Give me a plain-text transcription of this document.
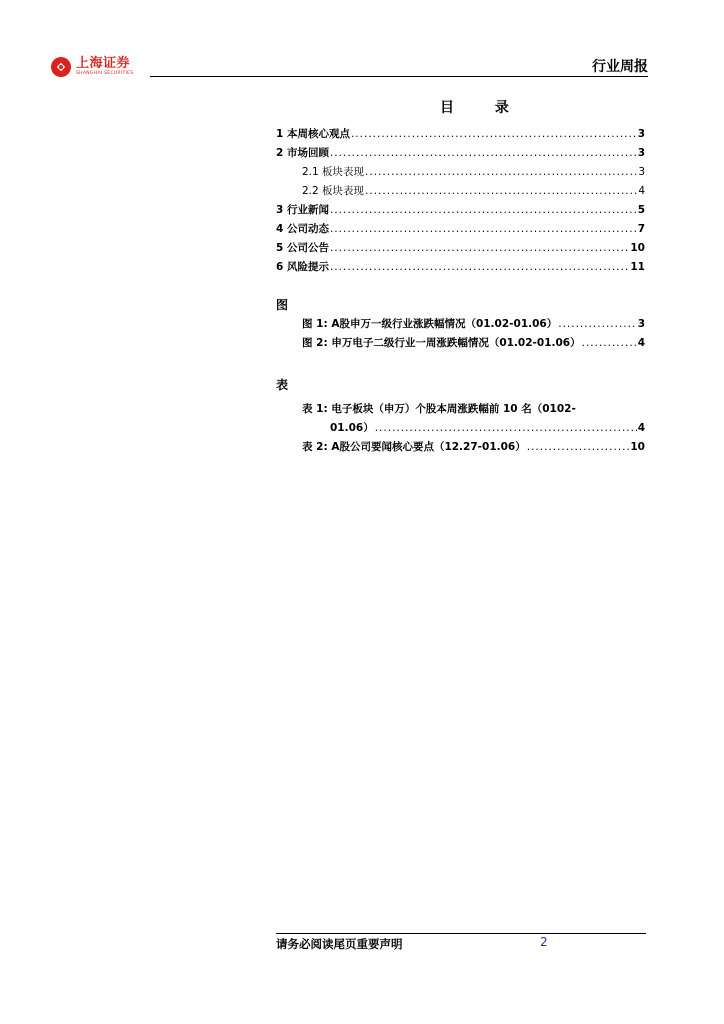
上海证券
SHANGHAI SECURITIES	行业周报
目 录
1 本周核心观点 .....	3
2 市场回顾 .....	3
2.1 板块表现 .....	3
2.2 板块表现 .....	4
3 行业新闻 .....	5
4 公司动态 .....	7
5 公司公告 .....	10
6 风险提示 .....	11
图
图 1: A股申万一级行业涨跌幅情况（01.02-01.06） .....	3
图 2: 申万电子二级行业一周涨跌幅情况（01.02-01.06） .....	4
表
表 1: 电子板块（申万）个股本周涨跌幅前 10 名（0102-
01.06） .....	4
表 2: A股公司要闻核心要点（12.27-01.06） .....	10
请务必阅读尾页重要声明	2
